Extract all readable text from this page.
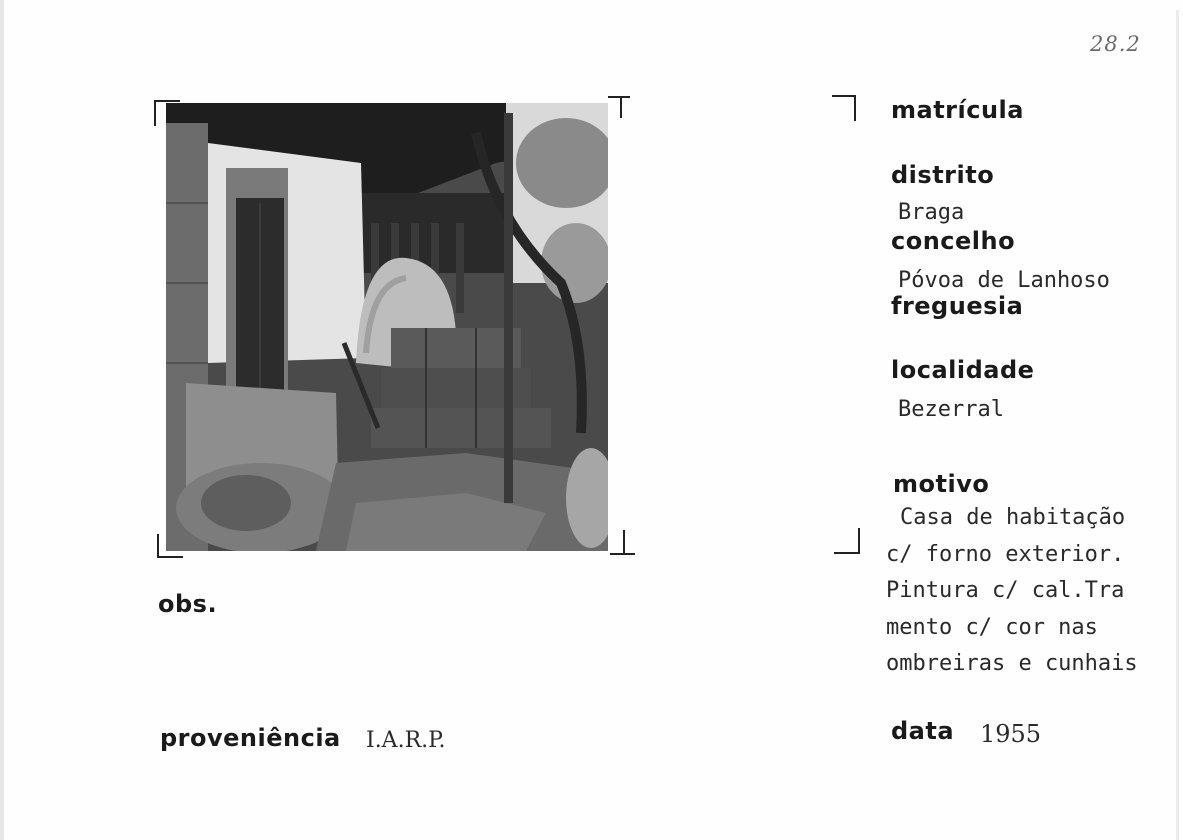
28.2
matrícula
distrito
Braga
concelho
Póvoa de Lanhoso
freguesia
localidade
Bezerral
motivo
Casa de habitação
c/ forno exterior.
Pintura c/ cal.Tra
mento c/ cor nas
ombreiras e cunhais
data 1955
obs.
proveniência I.A.R.P.
